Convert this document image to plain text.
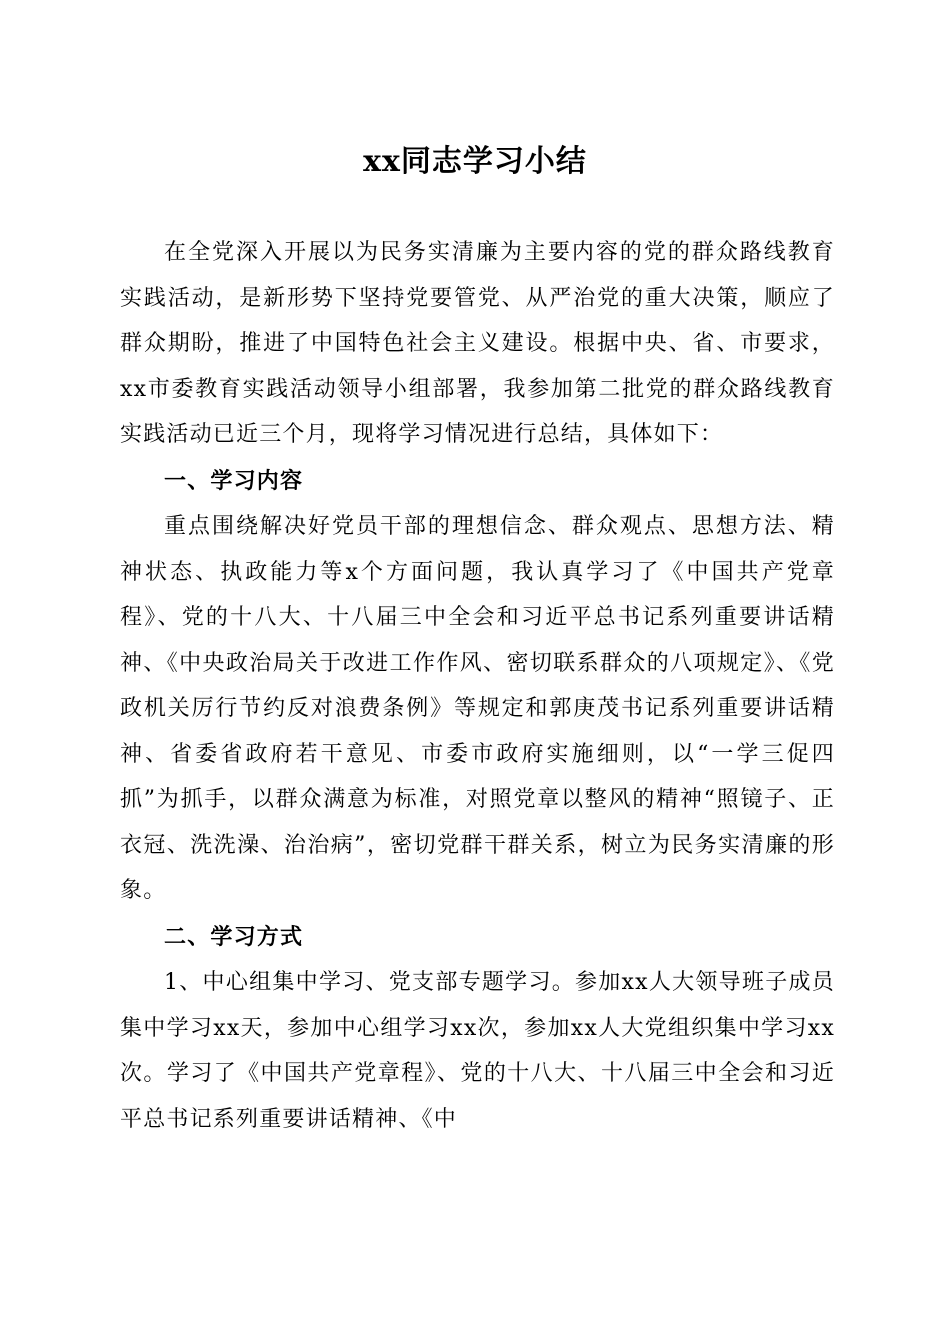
xx同志学习小结

在全党深入开展以为民务实清廉为主要内容的党的群众路线教育实践活动，是新形势下坚持党要管党、从严治党的重大决策，顺应了群众期盼，推进了中国特色社会主义建设。根据中央、省、市要求，xx市委教育实践活动领导小组部署，我参加第二批党的群众路线教育实践活动已近三个月，现将学习情况进行总结，具体如下：

一、学习内容

重点围绕解决好党员干部的理想信念、群众观点、思想方法、精神状态、执政能力等x个方面问题，我认真学习了《中国共产党章程》、党的十八大、十八届三中全会和习近平总书记系列重要讲话精神、《中央政治局关于改进工作作风、密切联系群众的八项规定》、《党政机关厉行节约反对浪费条例》等规定和郭庚茂书记系列重要讲话精神、省委省政府若干意见、市委市政府实施细则，以“一学三促四抓”为抓手，以群众满意为标准，对照党章以整风的精神“照镜子、正衣冠、洗洗澡、治治病”，密切党群干群关系，树立为民务实清廉的形象。

二、学习方式

1、中心组集中学习、党支部专题学习。参加xx人大领导班子成员集中学习xx天，参加中心组学习xx次，参加xx人大党组织集中学习xx次。学习了《中国共产党章程》、党的十八大、十八届三中全会和习近平总书记系列重要讲话精神、《中
